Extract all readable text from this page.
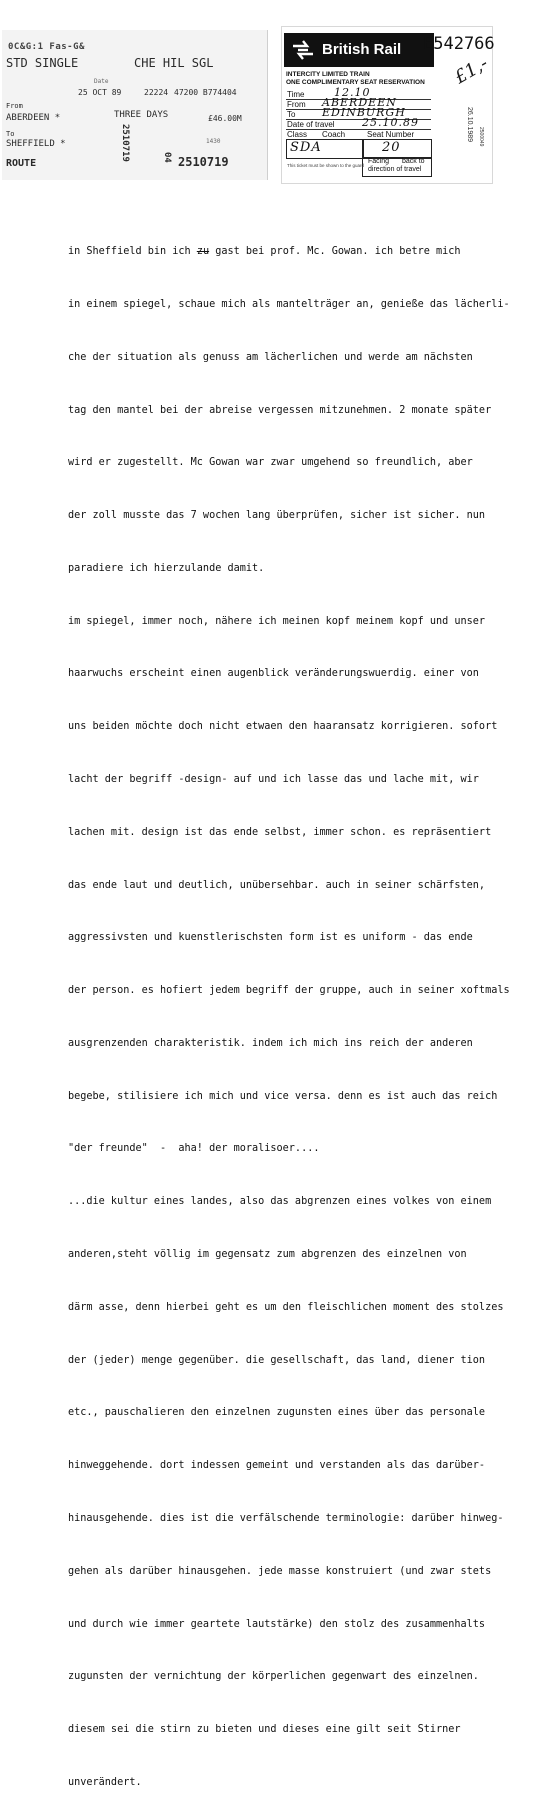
0C&G:1 Fas-G&
STD SINGLE	CHE HIL SGL
Date
25 OCT 89	22224 47200 B774404
From
ABERDEEN *	THREE DAYS	£46.00M
To
SHEFFIELD *	1430
ROUTE	2510719
2510719	04
British Rail
INTERCITY LIMITED TRAIN
ONE COMPLIMENTARY SEAT RESERVATION
Time	12.10
From ABERDEEN
To EDINBURGH
Date of travel 25.10.89
Class Coach	Seat Number
SDA	20
Facing back to
direction of travel
This ticket must be shown to the guard
26.10.1989 2500049
E542766
£1,-

in Sheffield bin ich zu gast bei prof. Mc. Gowan. ich betre mich

in einem spiegel, schaue mich als mantelträger an, genieße das lächerli-

che der situation als genuss am lächerlichen und werde am nächsten

tag den mantel bei der abreise vergessen mitzunehmen. 2 monate später

wird er zugestellt. Mc Gowan war zwar umgehend so freundlich, aber

der zoll musste das 7 wochen lang überprüfen, sicher ist sicher. nun

paradiere ich hierzulande damit.

im spiegel, immer noch, nähere ich meinen kopf meinem kopf und unser

haarwuchs erscheint einen augenblick veränderungswuerdig. einer von

uns beiden möchte doch nicht etwaen den haaransatz korrigieren. sofort

lacht der begriff -design- auf und ich lasse das und lache mit, wir

lachen mit. design ist das ende selbst, immer schon. es repräsentiert

das ende laut und deutlich, unübersehbar. auch in seiner schärfsten,

aggressivsten und kuenstlerischsten form ist es uniform - das ende

der person. es hofiert jedem begriff der gruppe, auch in seiner xoftmals

ausgrenzenden charakteristik. indem ich mich ins reich der anderen

begebe, stilisiere ich mich und vice versa. denn es ist auch das reich

"der freunde"  -  aha! der moralisoer....

...die kultur eines landes, also das abgrenzen eines volkes von einem

anderen,steht völlig im gegensatz zum abgrenzen des einzelnen von

därm asse, denn hierbei geht es um den fleischlichen moment des stolzes

der (jeder) menge gegenüber. die gesellschaft, das land, diener tion

etc., pauschalieren den einzelnen zugunsten eines über das personale

hinweggehende. dort indessen gemeint und verstanden als das darüber-

hinausgehende. dies ist die verfälschende terminologie: darüber hinweg-

gehen als darüber hinausgehen. jede masse konstruiert (und zwar stets

und durch wie immer geartete lautstärke) den stolz des zusammenhalts

zugunsten der vernichtung der körperlichen gegenwart des einzelnen.

diesem sei die stirn zu bieten und dieses eine gilt seit Stirner

unverändert.
